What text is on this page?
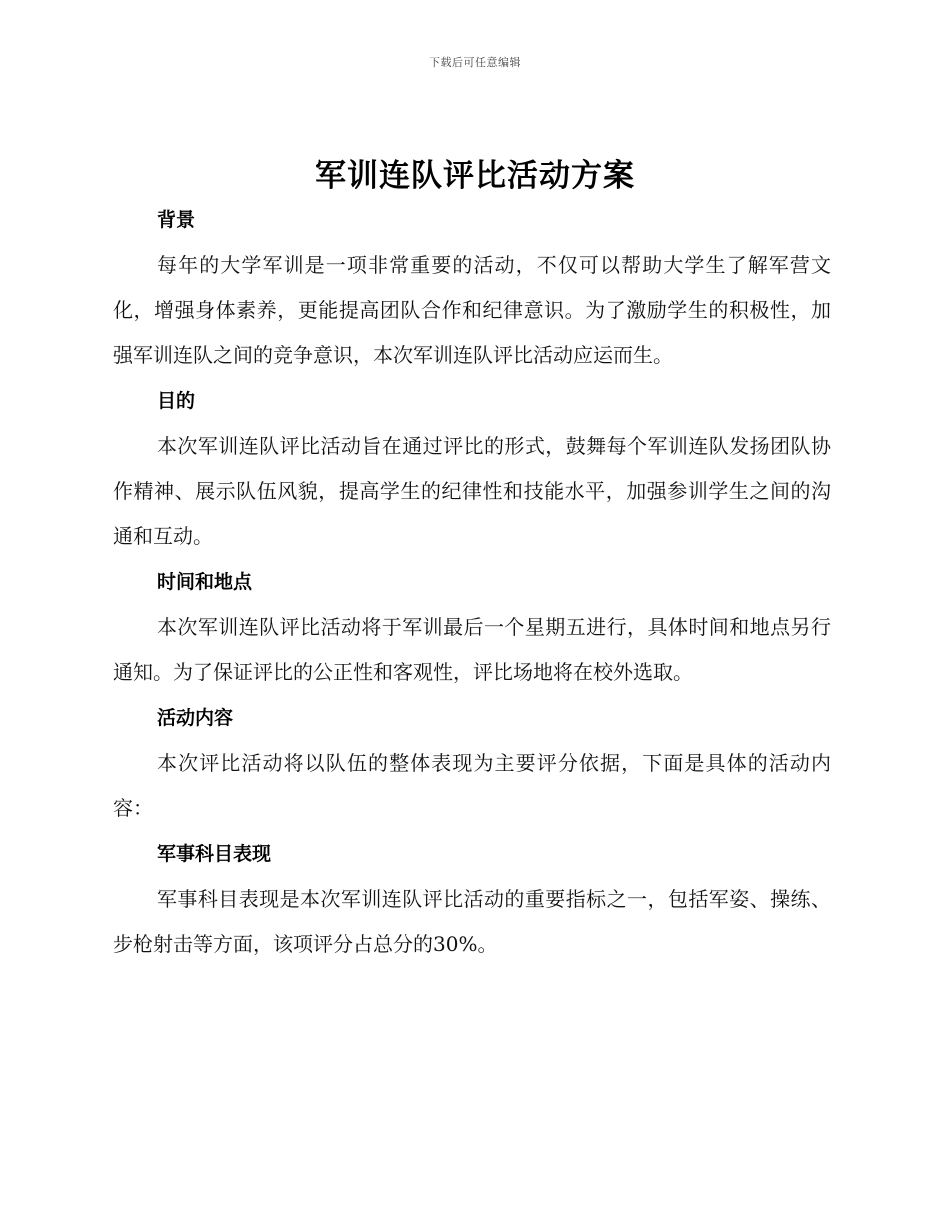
下载后可任意编辑
军训连队评比活动方案
背景

每年的大学军训是一项非常重要的活动，不仅可以帮助大学生了解军营文化，增强身体素养，更能提高团队合作和纪律意识。为了激励学生的积极性，加强军训连队之间的竞争意识，本次军训连队评比活动应运而生。

目的

本次军训连队评比活动旨在通过评比的形式，鼓舞每个军训连队发扬团队协作精神、展示队伍风貌，提高学生的纪律性和技能水平，加强参训学生之间的沟通和互动。

时间和地点

本次军训连队评比活动将于军训最后一个星期五进行，具体时间和地点另行通知。为了保证评比的公正性和客观性，评比场地将在校外选取。

活动内容

本次评比活动将以队伍的整体表现为主要评分依据，下面是具体的活动内容：

军事科目表现

军事科目表现是本次军训连队评比活动的重要指标之一，包括军姿、操练、步枪射击等方面，该项评分占总分的30%。
